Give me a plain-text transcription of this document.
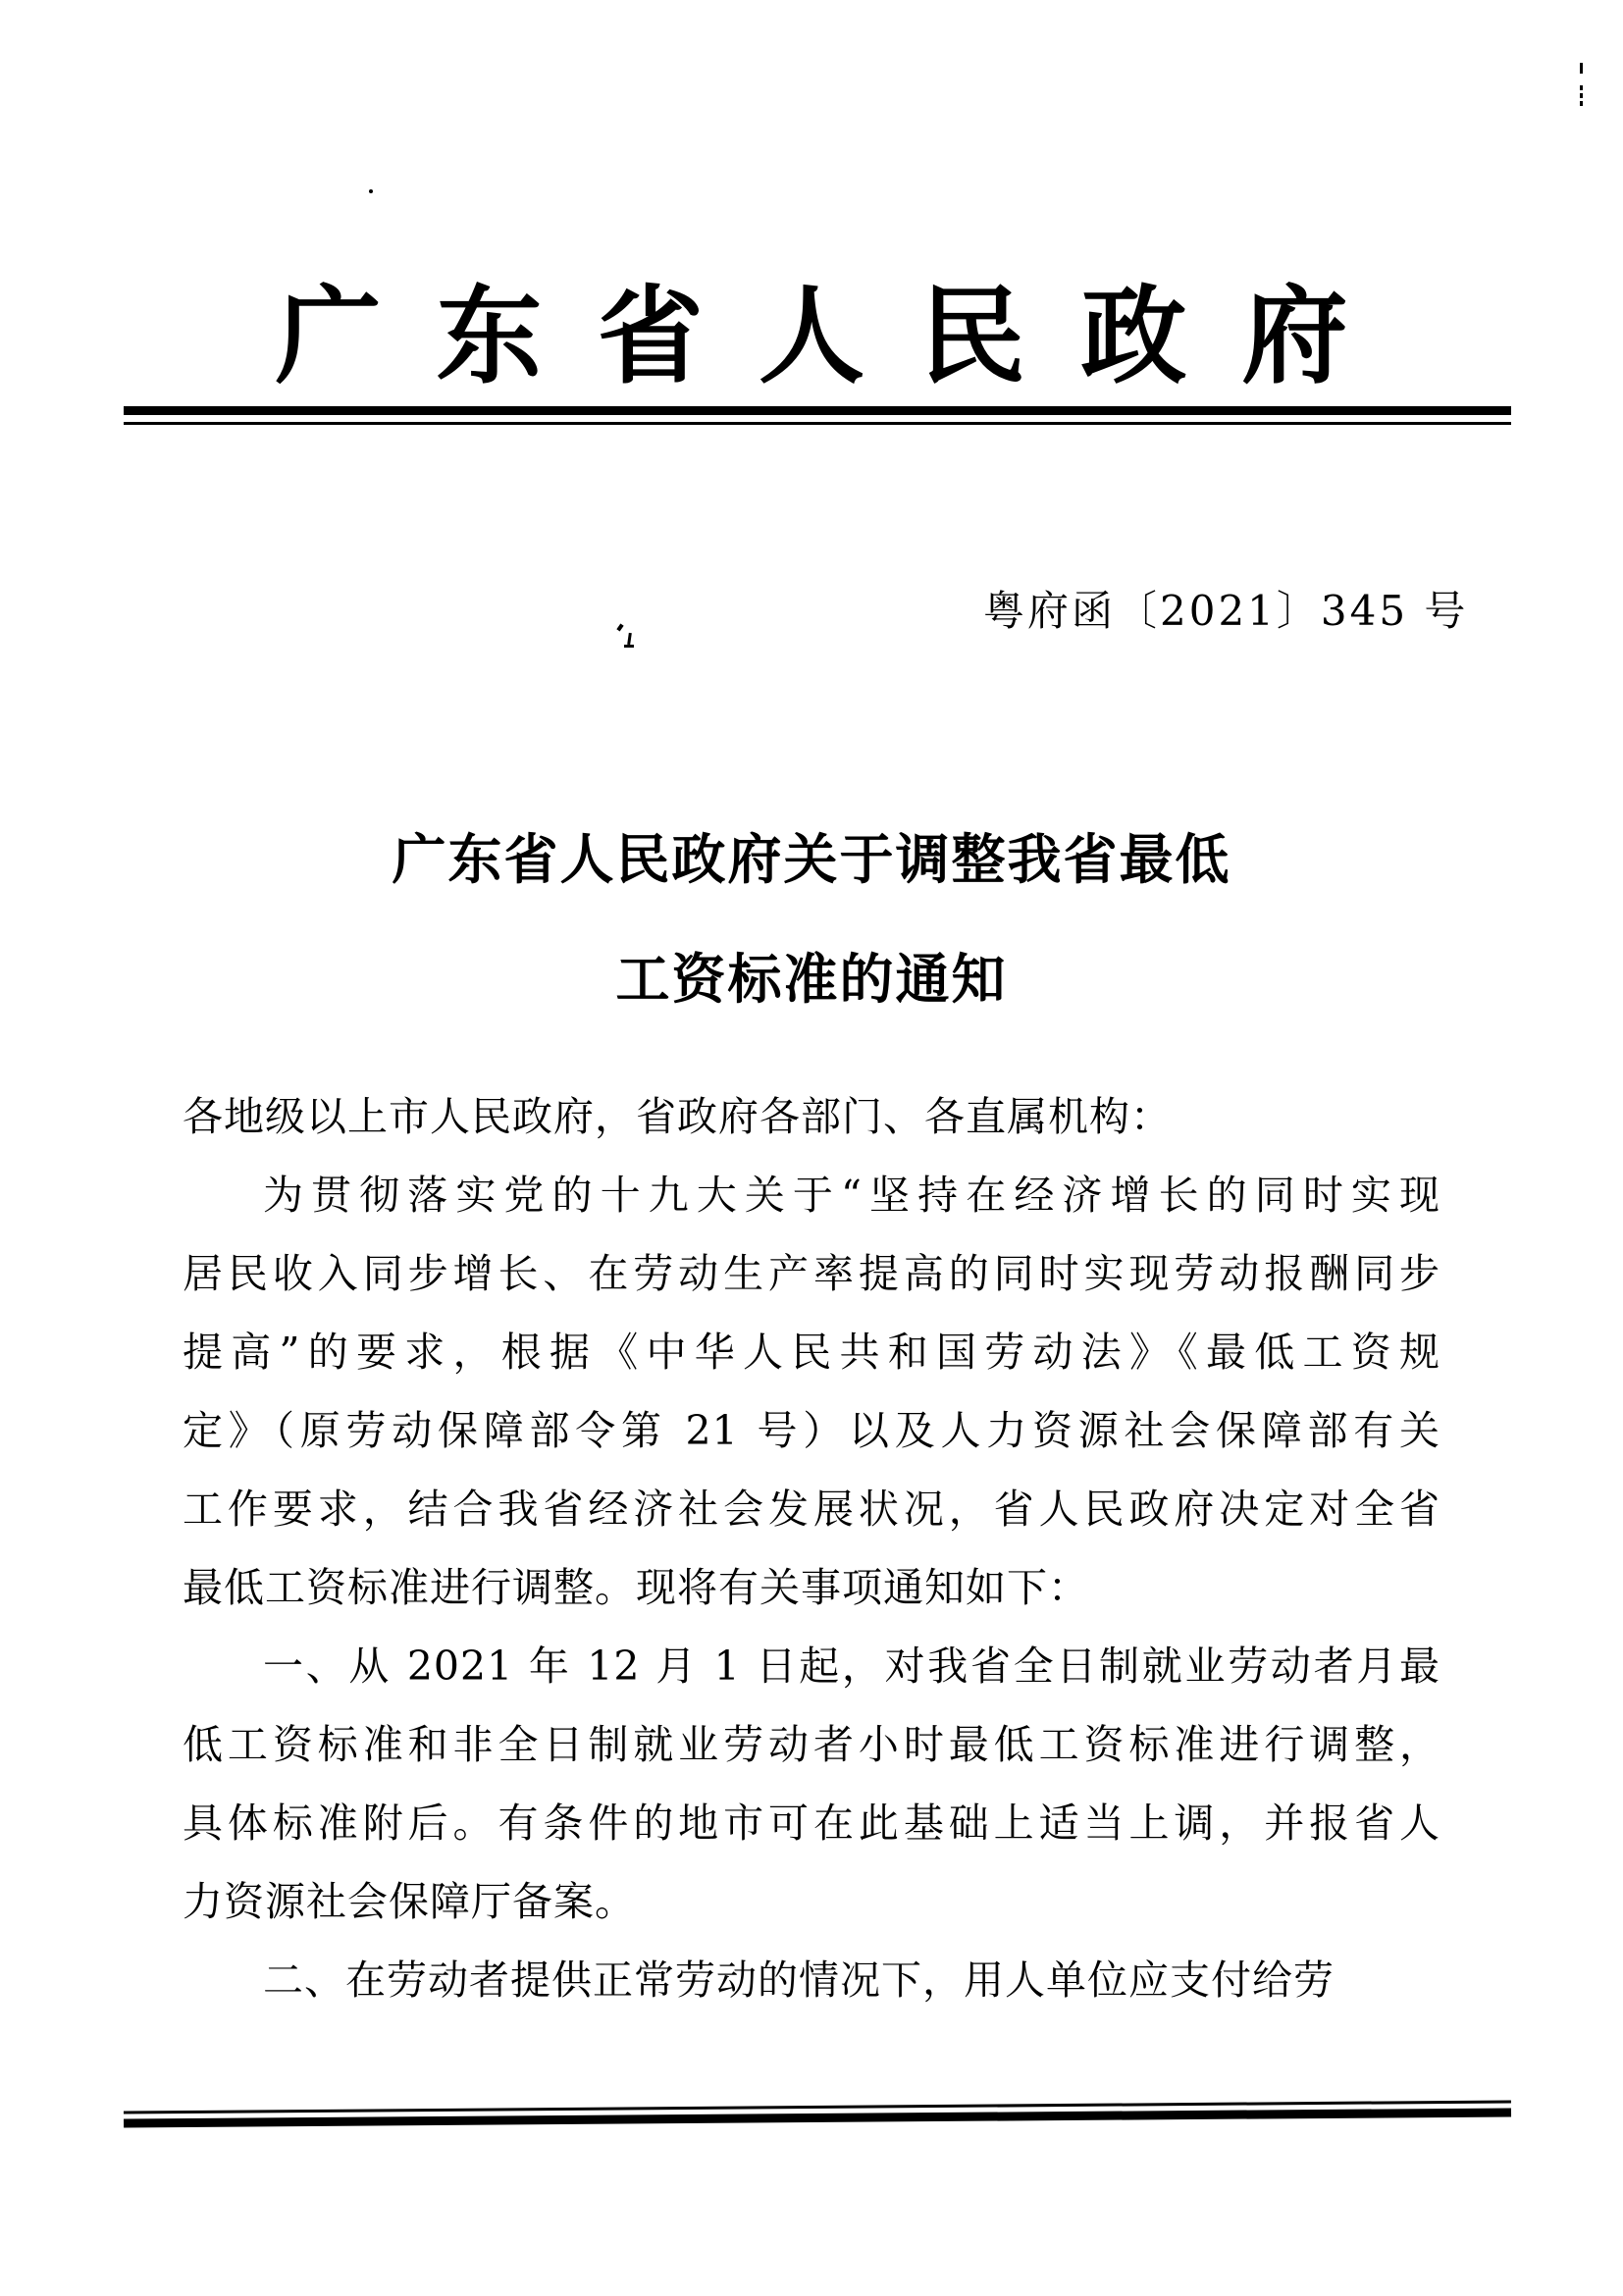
广东省人民政府
粤府函〔2021〕345 号

广东省人民政府关于调整我省最低

工资标准的通知

各地级以上市人民政府，省政府各部门、各直属机构：

为贯彻落实党的十九大关于“坚持在经济增长的同时实现

居民收入同步增长、在劳动生产率提高的同时实现劳动报酬同步

提高”的要求，根据《中华人民共和国劳动法》《最低工资规

定》（原劳动保障部令第 21 号）以及人力资源社会保障部有关

工作要求，结合我省经济社会发展状况，省人民政府决定对全省

最低工资标准进行调整。现将有关事项通知如下：

一、从 2021 年 12 月 1 日起，对我省全日制就业劳动者月最

低工资标准和非全日制就业劳动者小时最低工资标准进行调整，

具体标准附后。有条件的地市可在此基础上适当上调，并报省人

力资源社会保障厅备案。

二、在劳动者提供正常劳动的情况下，用人单位应支付给劳
